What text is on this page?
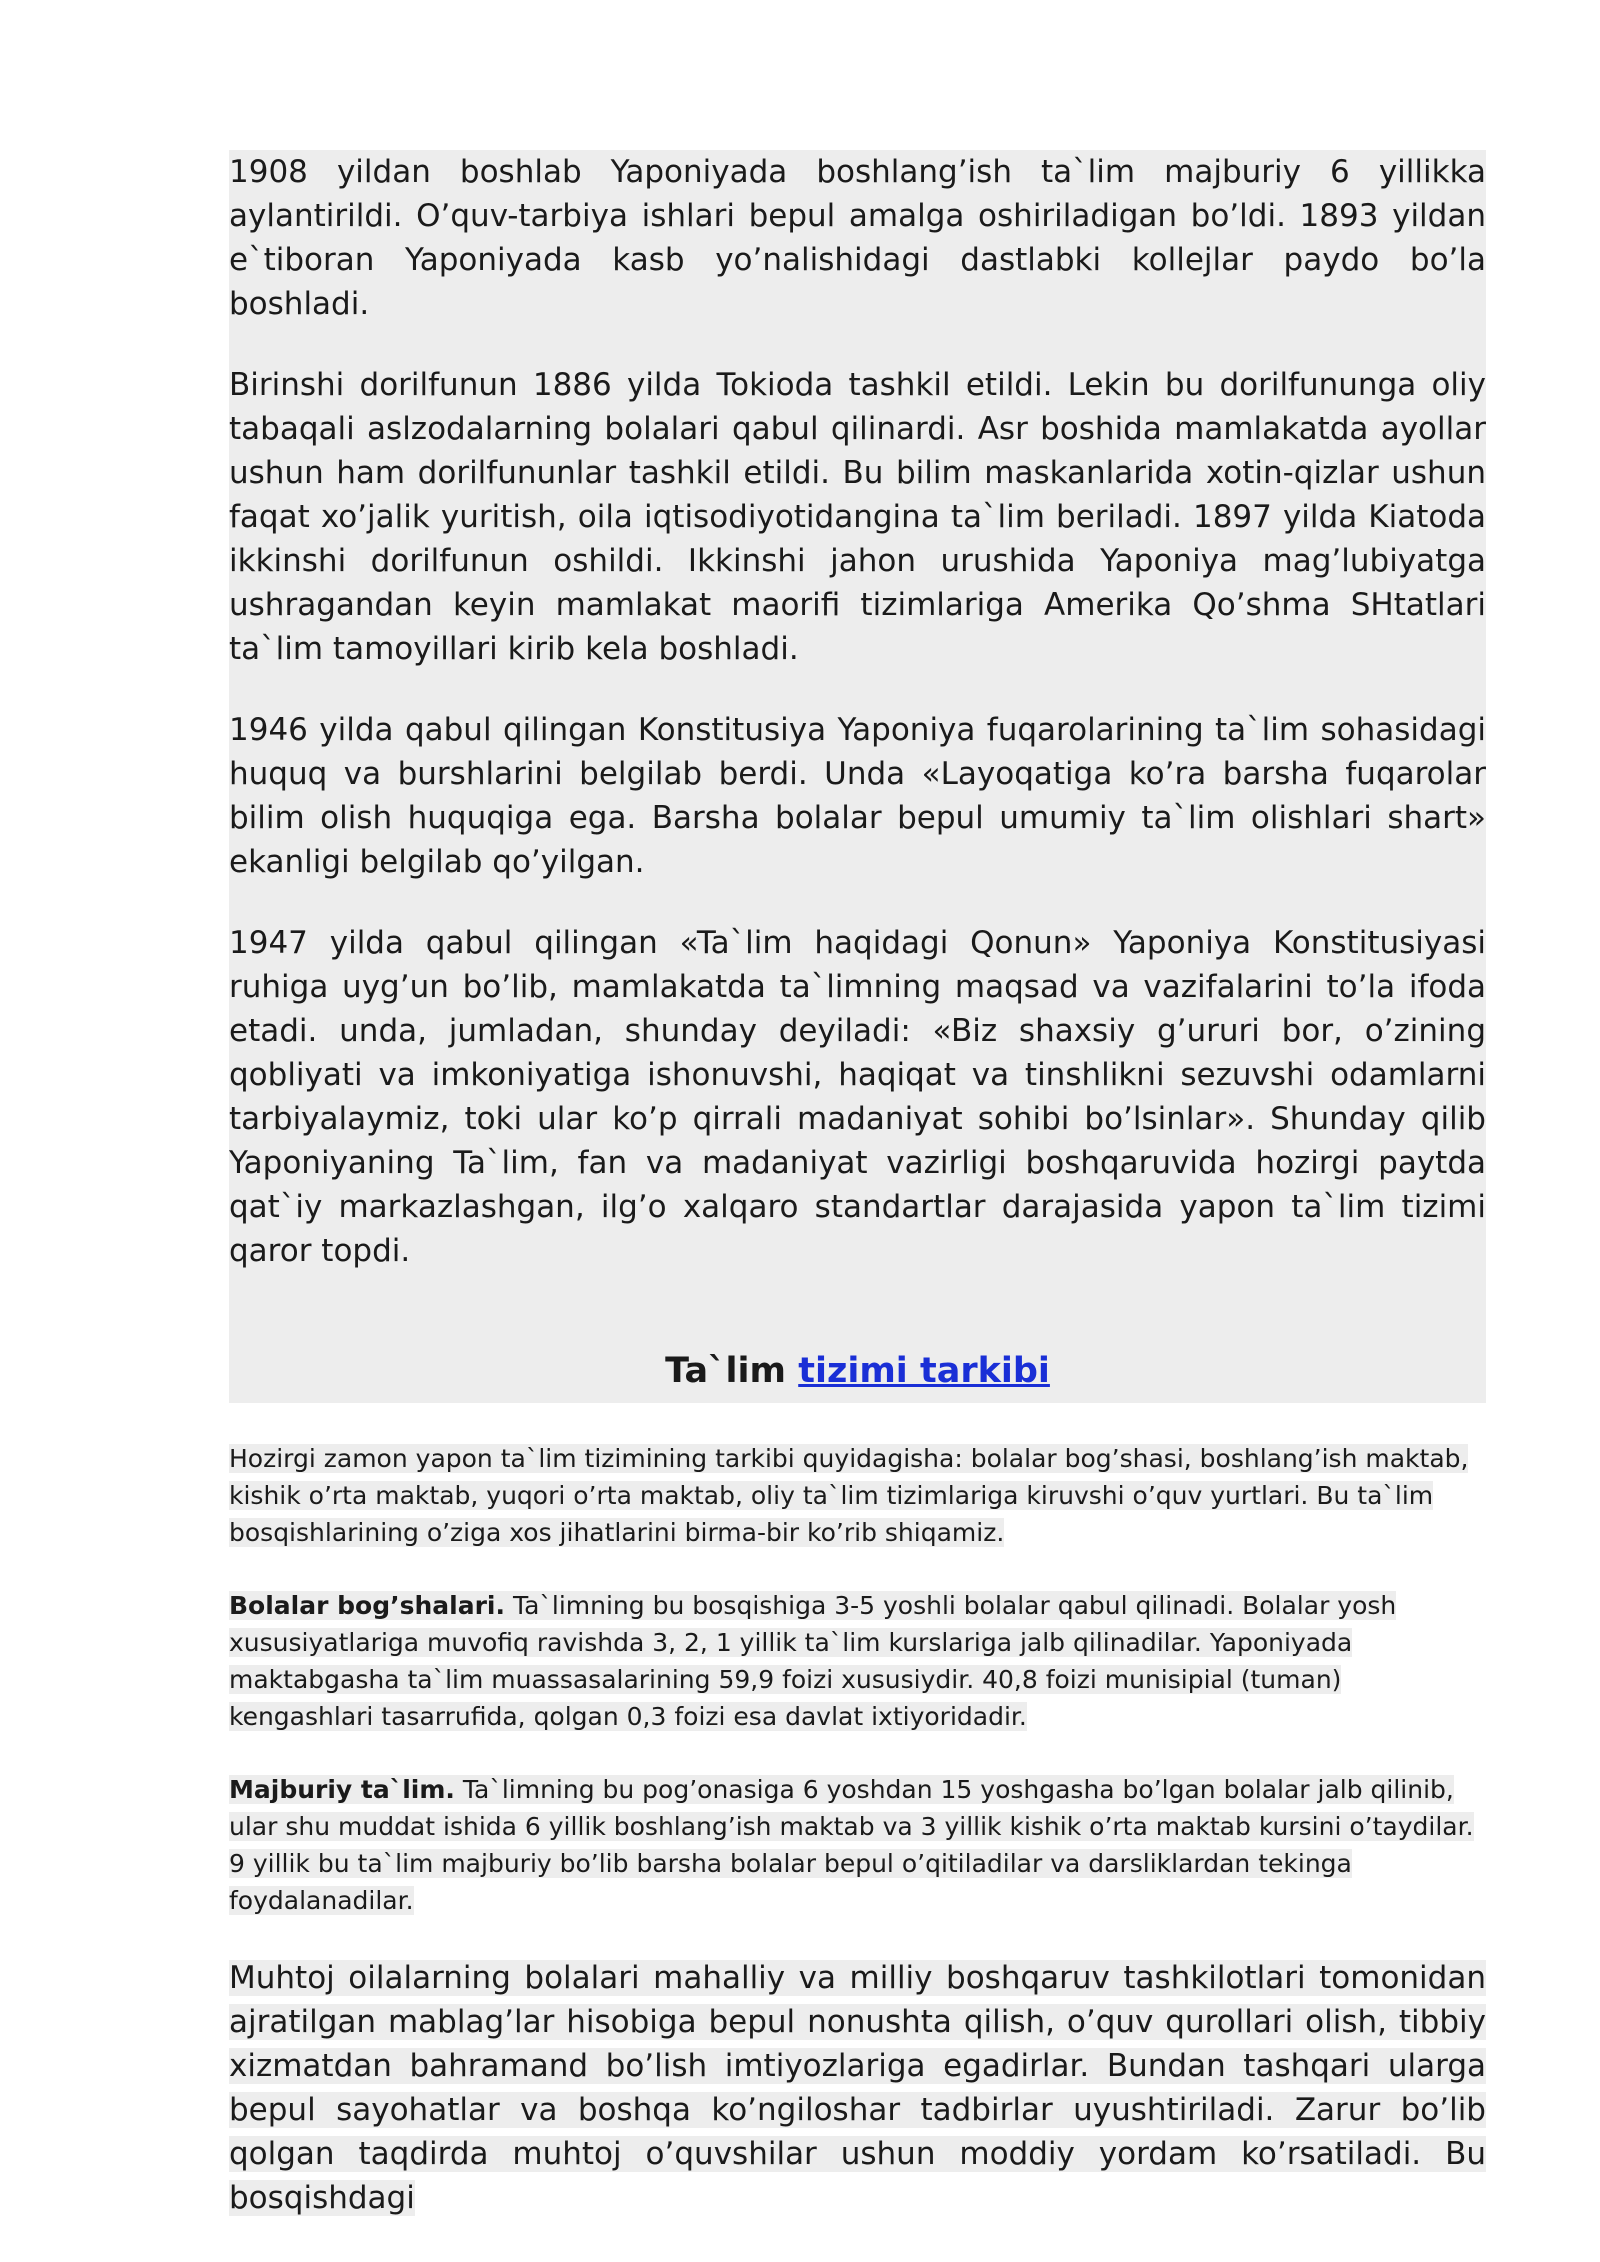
1908 yildan boshlab Yaponiyada boshlang’ish ta`lim majburiy 6 yillikka aylantirildi. O’quv-tarbiya ishlari bepul amalga oshiriladigan bo’ldi. 1893 yildan e`tiboran Yaponiyada kasb yo’nalishidagi dastlabki kollejlar paydo bo’la boshladi.

Birinshi dorilfunun 1886 yilda Tokioda tashkil etildi. Lekin bu dorilfununga oliy tabaqali aslzodalarning bolalari qabul qilinardi. Asr boshida mamlakatda ayollar ushun ham dorilfununlar tashkil etildi. Bu bilim maskanlarida xotin-qizlar ushun faqat xo’jalik yuritish, oila iqtisodiyotidangina ta`lim beriladi. 1897 yilda Kiatoda ikkinshi dorilfunun oshildi. Ikkinshi jahon urushida Yaponiya mag’lubiyatga ushragandan keyin mamlakat maorifi tizimlariga Amerika Qo’shma SHtatlari ta`lim tamoyillari kirib kela boshladi.

1946 yilda qabul qilingan Konstitusiya Yaponiya fuqarolarining ta`lim sohasidagi huquq va burshlarini belgilab berdi. Unda «Layoqatiga ko’ra barsha fuqarolar bilim olish huquqiga ega. Barsha bolalar bepul umumiy ta`lim olishlari shart» ekanligi belgilab qo’yilgan.

1947 yilda qabul qilingan «Ta`lim haqidagi Qonun» Yaponiya Konstitusiyasi ruhiga uyg’un bo’lib, mamlakatda ta`limning maqsad va vazifalarini to’la ifoda etadi. unda, jumladan, shunday deyiladi: «Biz shaxsiy g’ururi bor, o’zining qobliyati va imkoniyatiga ishonuvshi, haqiqat va tinshlikni sezuvshi odamlarni tarbiyalaymiz, toki ular ko’p qirrali madaniyat sohibi bo’lsinlar». Shunday qilib Yaponiyaning Ta`lim, fan va madaniyat vazirligi boshqaruvida hozirgi paytda qat`iy markazlashgan, ilg’o xalqaro standartlar darajasida yapon ta`lim tizimi qaror topdi.

Ta`lim tizimi tarkibi

Hozirgi zamon yapon ta`lim tizimining tarkibi quyidagisha: bolalar bog’shasi, boshlang’ish maktab, kishik o’rta maktab, yuqori o’rta maktab, oliy ta`lim tizimlariga kiruvshi o’quv yurtlari. Bu ta`lim bosqishlarining o’ziga xos jihatlarini birma-bir ko’rib shiqamiz.

Bolalar bog’shalari. Ta`limning bu bosqishiga 3-5 yoshli bolalar qabul qilinadi. Bolalar yosh xususiyatlariga muvofiq ravishda 3, 2, 1 yillik ta`lim kurslariga jalb qilinadilar. Yaponiyada maktabgasha ta`lim muassasalarining 59,9 foizi xususiydir. 40,8 foizi munisipial (tuman) kengashlari tasarrufida, qolgan 0,3 foizi esa davlat ixtiyoridadir.

Majburiy ta`lim. Ta`limning bu pog’onasiga 6 yoshdan 15 yoshgasha bo’lgan bolalar jalb qilinib, ular shu muddat ishida 6 yillik boshlang’ish maktab va 3 yillik kishik o’rta maktab kursini o’taydilar. 9 yillik bu ta`lim majburiy bo’lib barsha bolalar bepul o’qitiladilar va darsliklardan tekinga foydalanadilar.

Muhtoj oilalarning bolalari mahalliy va milliy boshqaruv tashkilotlari tomonidan ajratilgan mablag’lar hisobiga bepul nonushta qilish, o’quv qurollari olish, tibbiy xizmatdan bahramand bo’lish imtiyozlariga egadirlar. Bundan tashqari ularga bepul sayohatlar va boshqa ko’ngiloshar tadbirlar uyushtiriladi. Zarur bo’lib qolgan taqdirda muhtoj o’quvshilar ushun moddiy yordam ko’rsatiladi. Bu bosqishdagi
